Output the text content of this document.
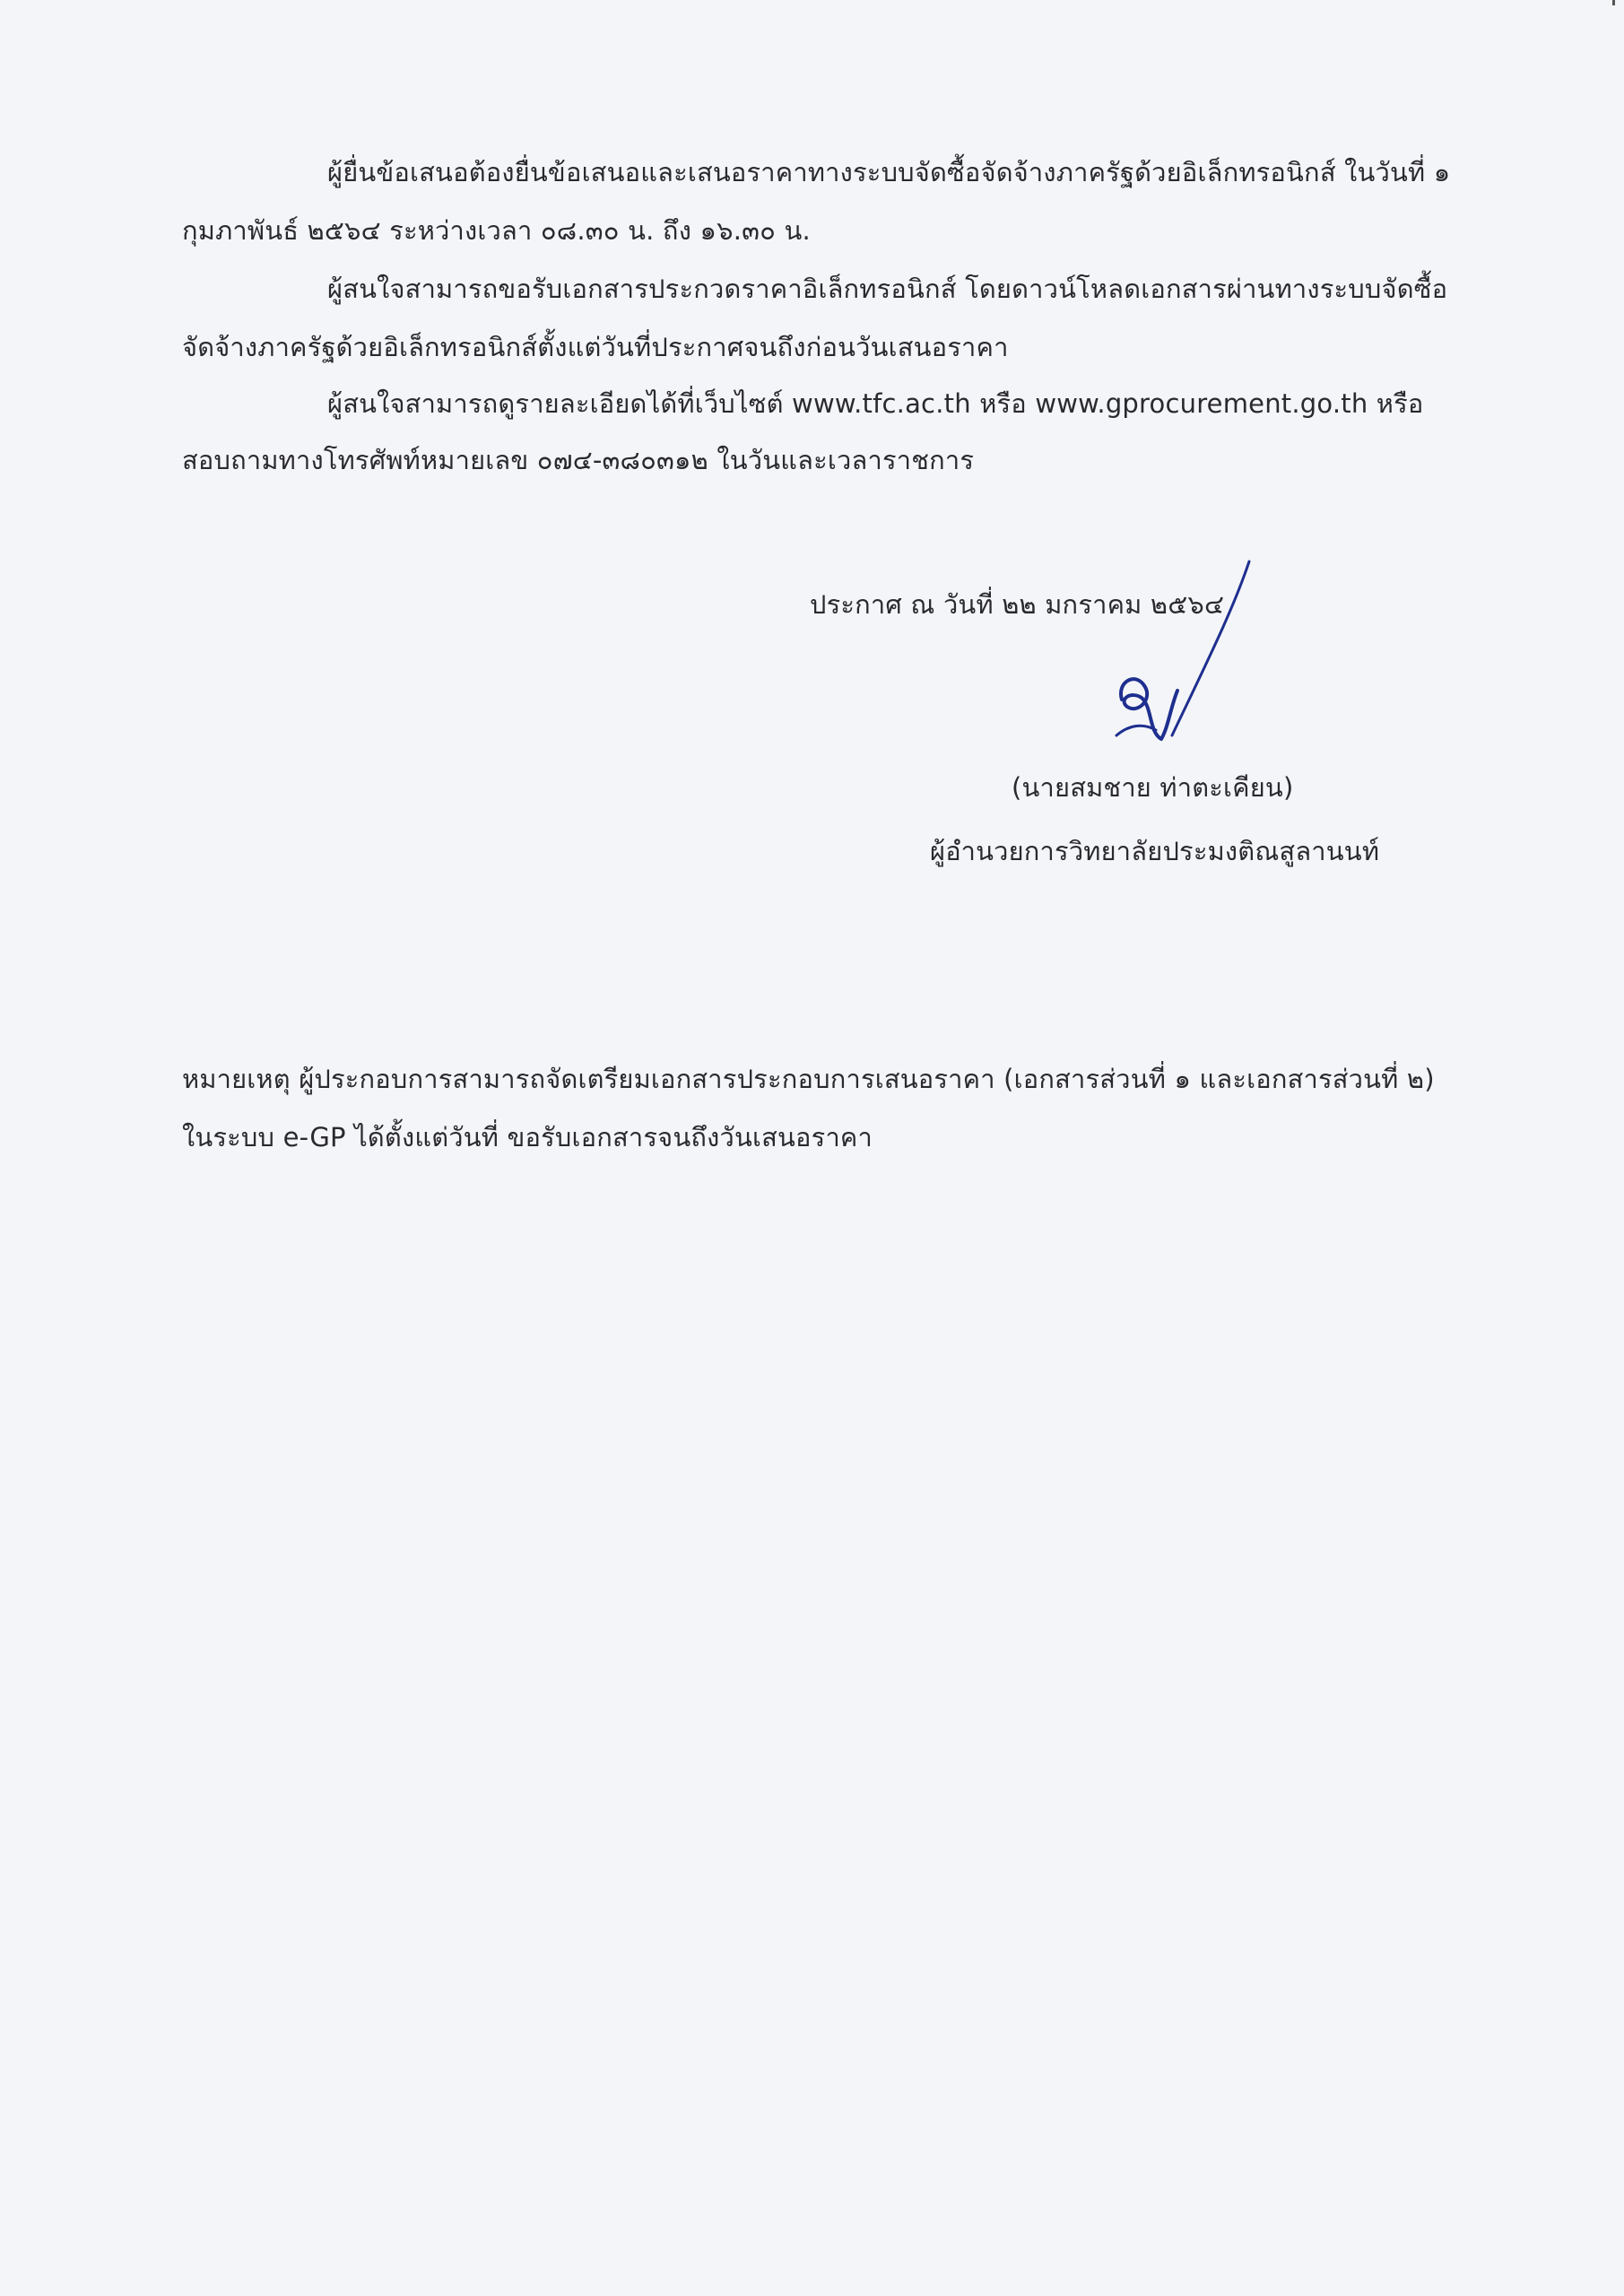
ผู้ยื่นข้อเสนอต้องยื่นข้อเสนอและเสนอราคาทางระบบจัดซื้อจัดจ้างภาครัฐด้วยอิเล็กทรอนิกส์ ในวันที่ ๑
กุมภาพันธ์ ๒๕๖๔ ระหว่างเวลา ๐๘.๓๐ น. ถึง ๑๖.๓๐ น.
ผู้สนใจสามารถขอรับเอกสารประกวดราคาอิเล็กทรอนิกส์ โดยดาวน์โหลดเอกสารผ่านทางระบบจัดซื้อ
จัดจ้างภาครัฐด้วยอิเล็กทรอนิกส์ตั้งแต่วันที่ประกาศจนถึงก่อนวันเสนอราคา
ผู้สนใจสามารถดูรายละเอียดได้ที่เว็บไซต์ www.tfc.ac.th หรือ www.gprocurement.go.th หรือ
สอบถามทางโทรศัพท์หมายเลข ๐๗๔-๓๘๐๓๑๒ ในวันและเวลาราชการ
ประกาศ ณ วันที่ ๒๒ มกราคม ๒๕๖๔
(นายสมชาย ท่าตะเคียน)
ผู้อำนวยการวิทยาลัยประมงติณสูลานนท์
หมายเหตุ ผู้ประกอบการสามารถจัดเตรียมเอกสารประกอบการเสนอราคา (เอกสารส่วนที่ ๑ และเอกสารส่วนที่ ๒)
ในระบบ e-GP ได้ตั้งแต่วันที่ ขอรับเอกสารจนถึงวันเสนอราคา
